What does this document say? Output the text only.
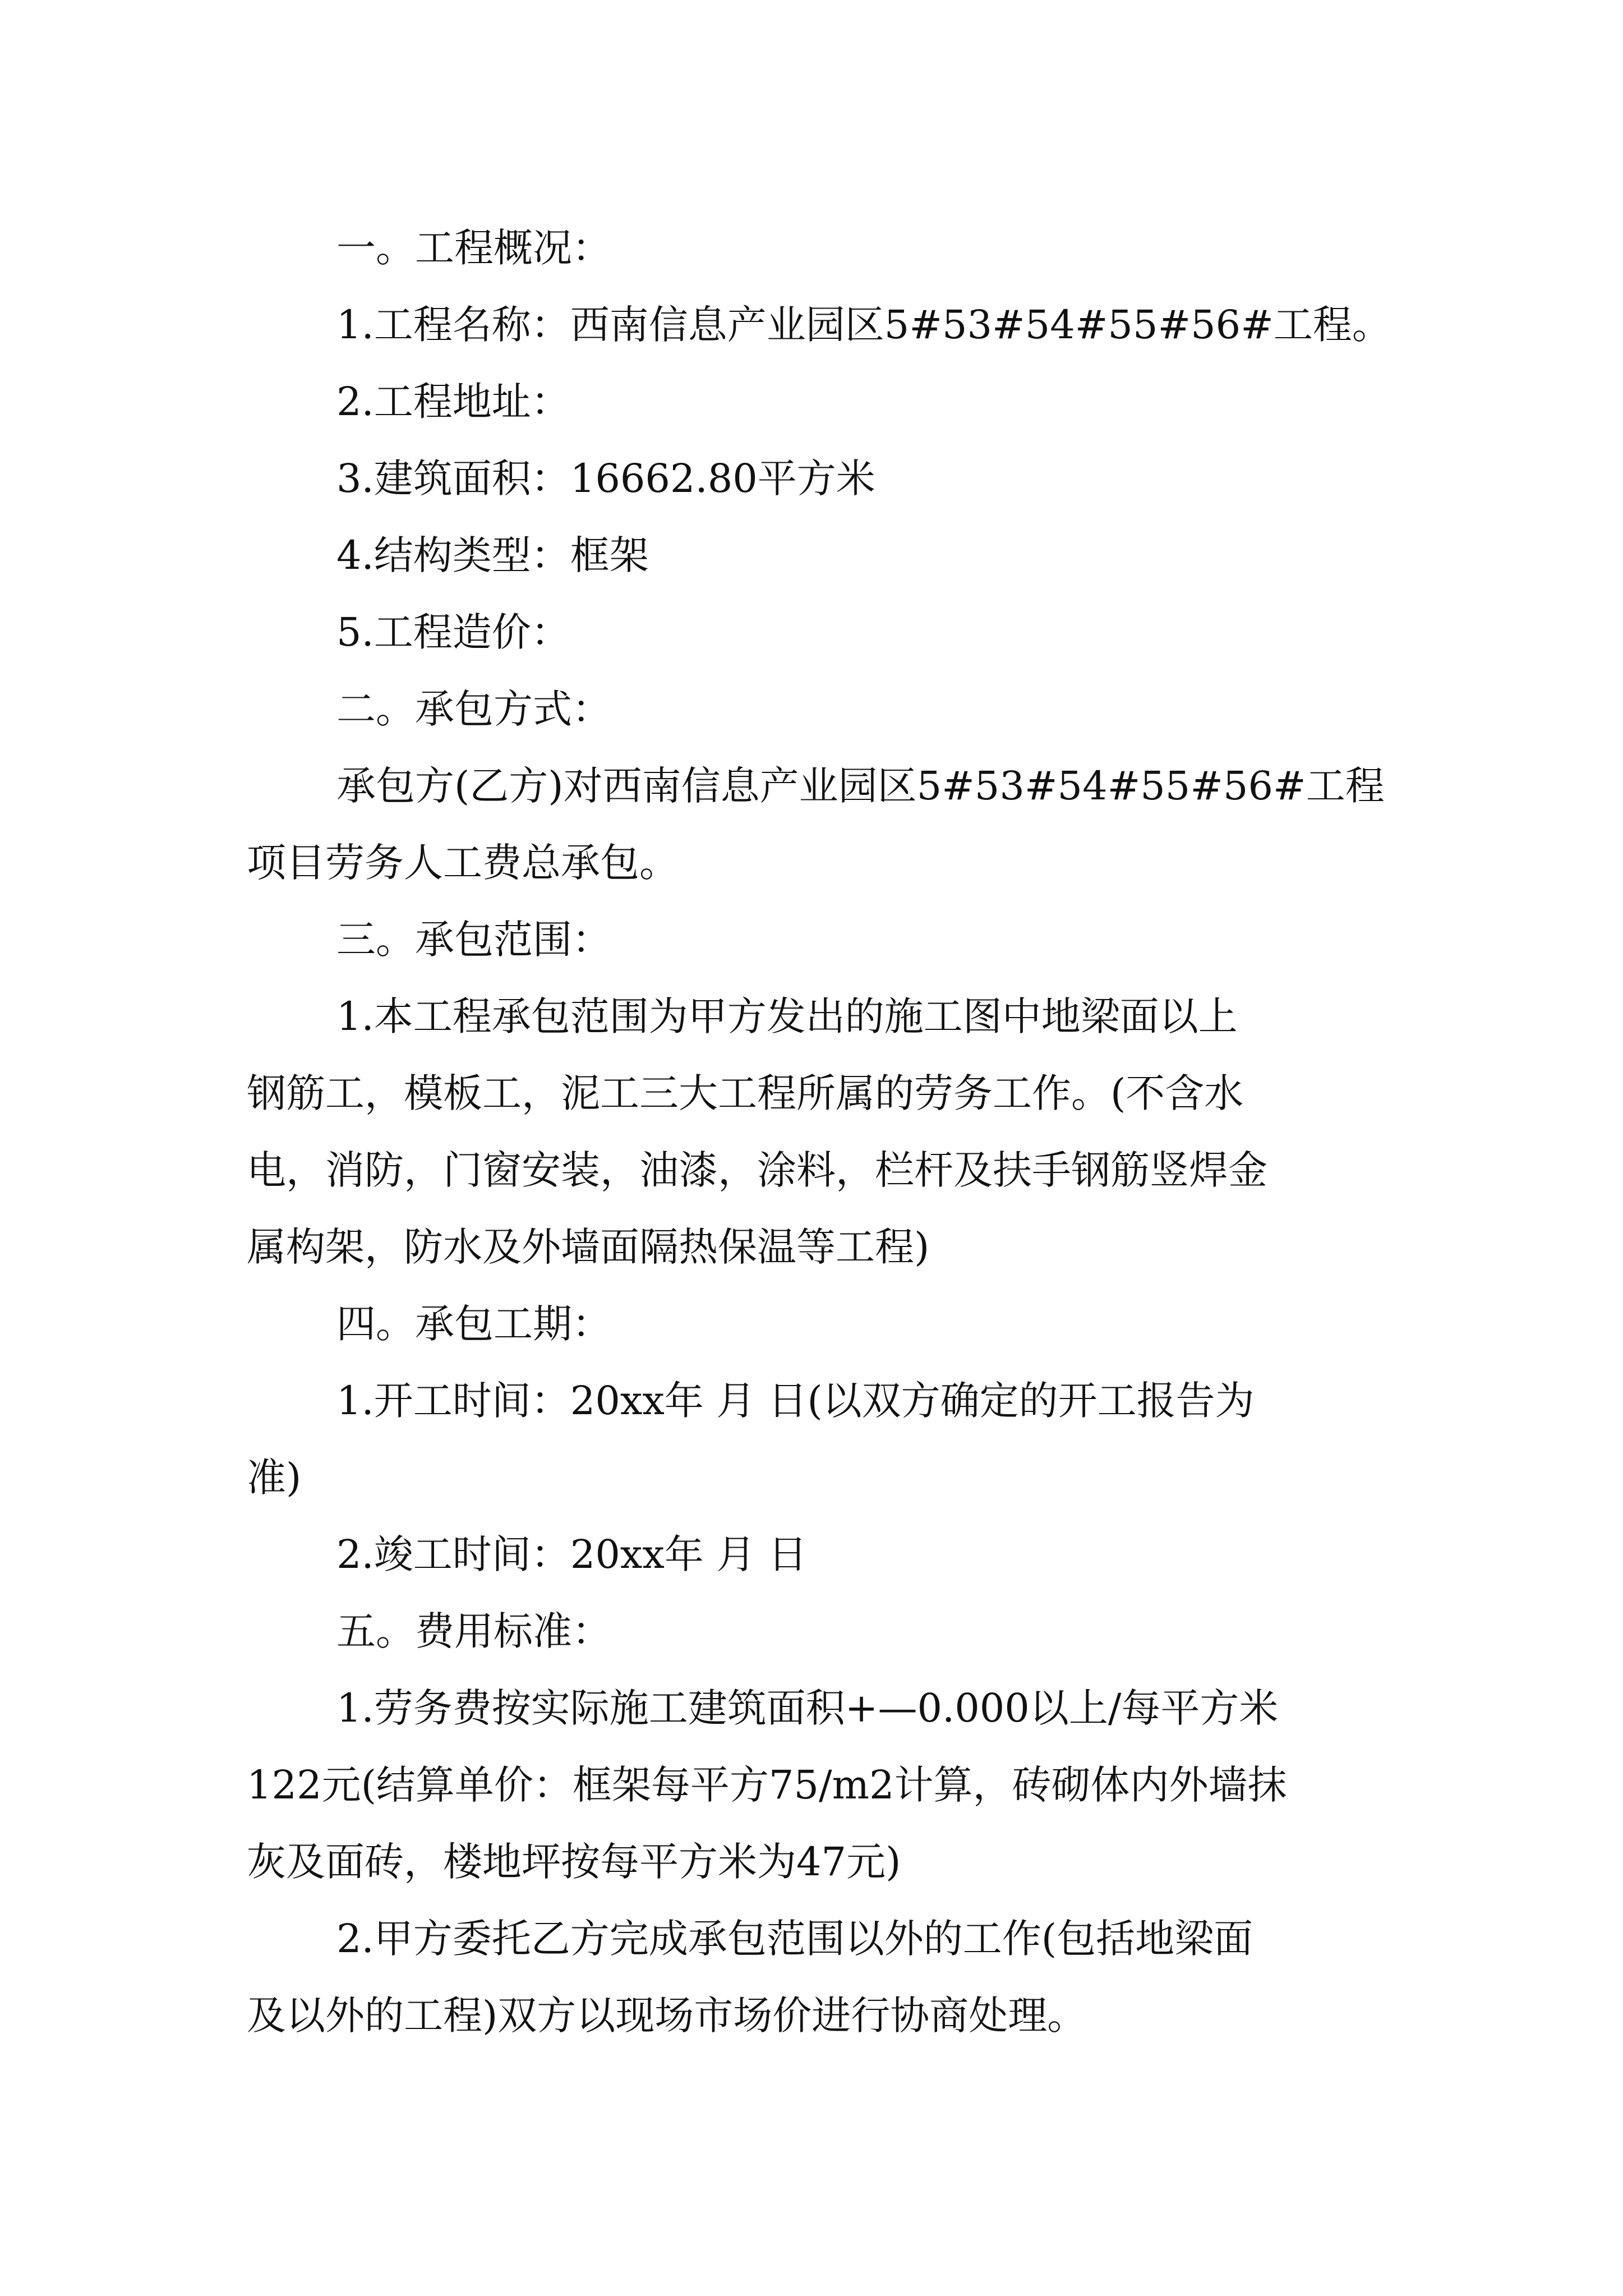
一。工程概况：
1.工程名称：西南信息产业园区5#53#54#55#56#工程。
2.工程地址：
3.建筑面积：16662.80平方米
4.结构类型：框架
5.工程造价：
二。承包方式：
承包方(乙方)对西南信息产业园区5#53#54#55#56#工程
项目劳务人工费总承包。
三。承包范围：
1.本工程承包范围为甲方发出的施工图中地梁面以上
钢筋工，模板工，泥工三大工程所属的劳务工作。(不含水
电，消防，门窗安装，油漆，涂料，栏杆及扶手钢筋竖焊金
属构架，防水及外墙面隔热保温等工程)
四。承包工期：
1.开工时间：20xx年 月 日(以双方确定的开工报告为
准)
2.竣工时间：20xx年 月 日
五。费用标准：
1.劳务费按实际施工建筑面积+—0.000以上/每平方米
122元(结算单价：框架每平方75/m2计算，砖砌体内外墙抹
灰及面砖，楼地坪按每平方米为47元)
2.甲方委托乙方完成承包范围以外的工作(包括地梁面
及以外的工程)双方以现场市场价进行协商处理。
